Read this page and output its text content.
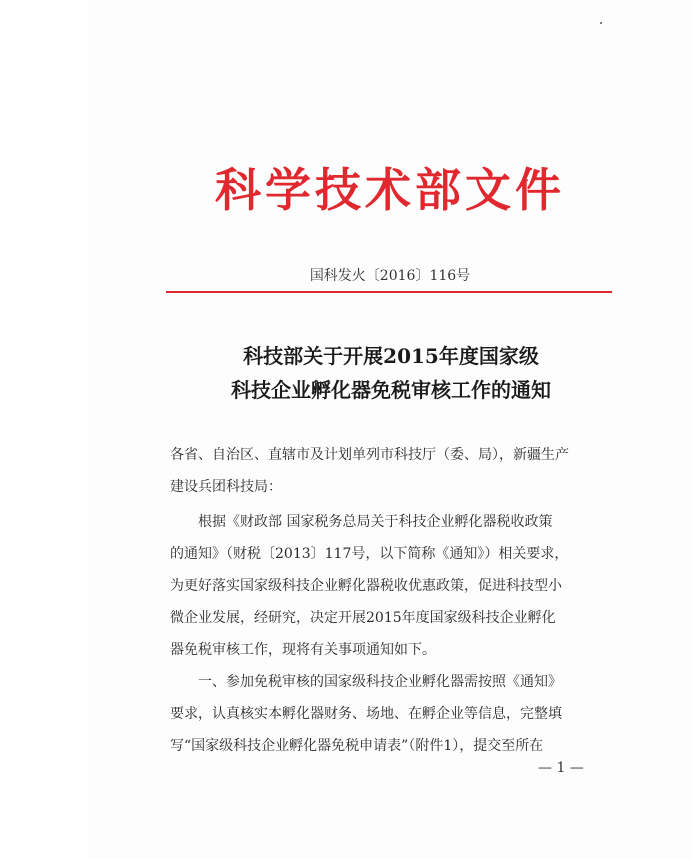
科学技术部文件
国科发火〔2016〕116号
科技部关于开展2015年度国家级
科技企业孵化器免税审核工作的通知
各省、自治区、直辖市及计划单列市科技厅（委、局），新疆生产
建设兵团科技局：
　　根据《财政部 国家税务总局关于科技企业孵化器税收政策
的通知》（财税〔2013〕117号，以下简称《通知》）相关要求，
为更好落实国家级科技企业孵化器税收优惠政策，促进科技型小
微企业发展，经研究，决定开展2015年度国家级科技企业孵化
器免税审核工作，现将有关事项通知如下。
　　一、参加免税审核的国家级科技企业孵化器需按照《通知》
要求，认真核实本孵化器财务、场地、在孵企业等信息，完整填
写“国家级科技企业孵化器免税申请表”（附件1），提交至所在
— 1 —
